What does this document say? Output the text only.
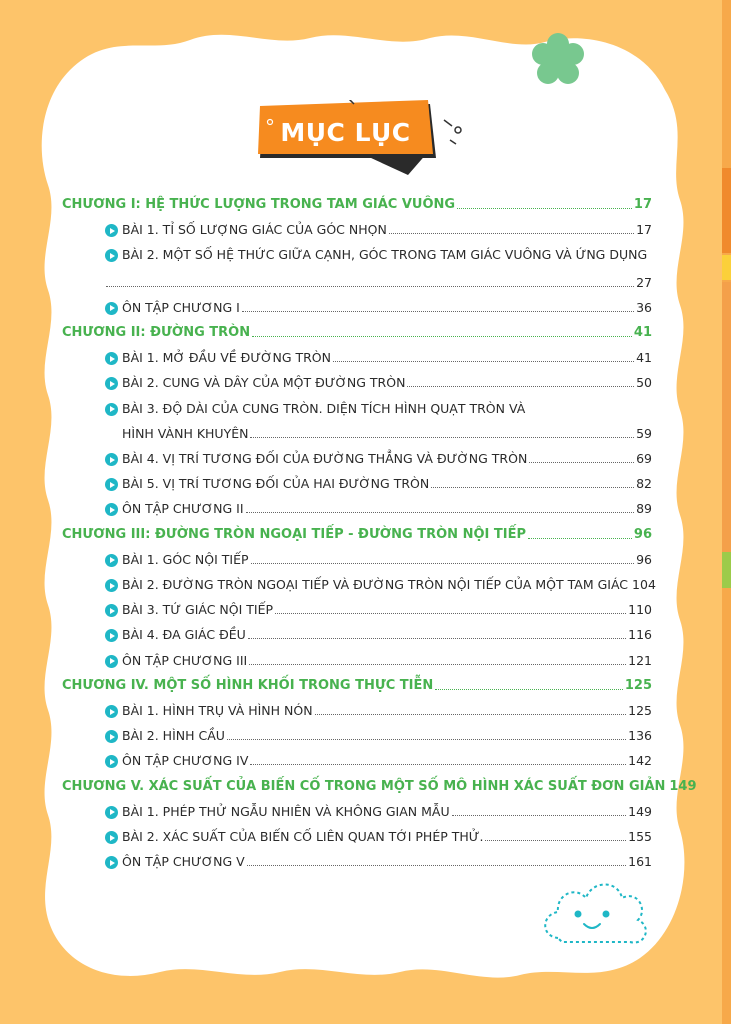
MỤC LỤC
CHƯƠNG I: HỆ THỨC LƯỢNG TRONG TAM GIÁC VUÔNG	17
BÀI 1. TỈ SỐ LƯỢNG GIÁC CỦA GÓC NHỌN	17
BÀI 2. MỘT SỐ HỆ THỨC GIỮA CẠNH, GÓC TRONG TAM GIÁC VUÔNG VÀ ỨNG DỤNG
27
ÔN TẬP CHƯƠNG I	36
CHƯƠNG II: ĐƯỜNG TRÒN	41
BÀI 1. MỞ ĐẦU VỀ ĐƯỜNG TRÒN	41
BÀI 2. CUNG VÀ DÂY CỦA MỘT ĐƯỜNG TRÒN	50
BÀI 3. ĐỘ DÀI CỦA CUNG TRÒN. DIỆN TÍCH HÌNH QUẠT TRÒN VÀ
HÌNH VÀNH KHUYÊN	59
BÀI 4. VỊ TRÍ TƯƠNG ĐỐI CỦA ĐƯỜNG THẲNG VÀ ĐƯỜNG TRÒN	69
BÀI 5. VỊ TRÍ TƯƠNG ĐỐI CỦA HAI ĐƯỜNG TRÒN	82
ÔN TẬP CHƯƠNG II	89
CHƯƠNG III: ĐƯỜNG TRÒN NGOẠI TIẾP - ĐƯỜNG TRÒN NỘI TIẾP	96
BÀI 1. GÓC NỘI TIẾP	96
BÀI 2. ĐƯỜNG TRÒN NGOẠI TIẾP VÀ ĐƯỜNG TRÒN NỘI TIẾP CỦA MỘT TAM GIÁC 104
BÀI 3. TỨ GIÁC NỘI TIẾP	110
BÀI 4. ĐA GIÁC ĐỀU	116
ÔN TẬP CHƯƠNG III	121
CHƯƠNG IV. MỘT SỐ HÌNH KHỐI TRONG THỰC TIỄN	125
BÀI 1. HÌNH TRỤ VÀ HÌNH NÓN	125
BÀI 2. HÌNH CẦU	136
ÔN TẬP CHƯƠNG IV	142
CHƯƠNG V. XÁC SUẤT CỦA BIẾN CỐ TRONG MỘT SỐ MÔ HÌNH XÁC SUẤT ĐƠN GIẢN 149
BÀI 1. PHÉP THỬ NGẪU NHIÊN VÀ KHÔNG GIAN MẪU	149
BÀI 2. XÁC SUẤT CỦA BIẾN CỐ LIÊN QUAN TỚI PHÉP THỬ.	155
ÔN TẬP CHƯƠNG V	161
